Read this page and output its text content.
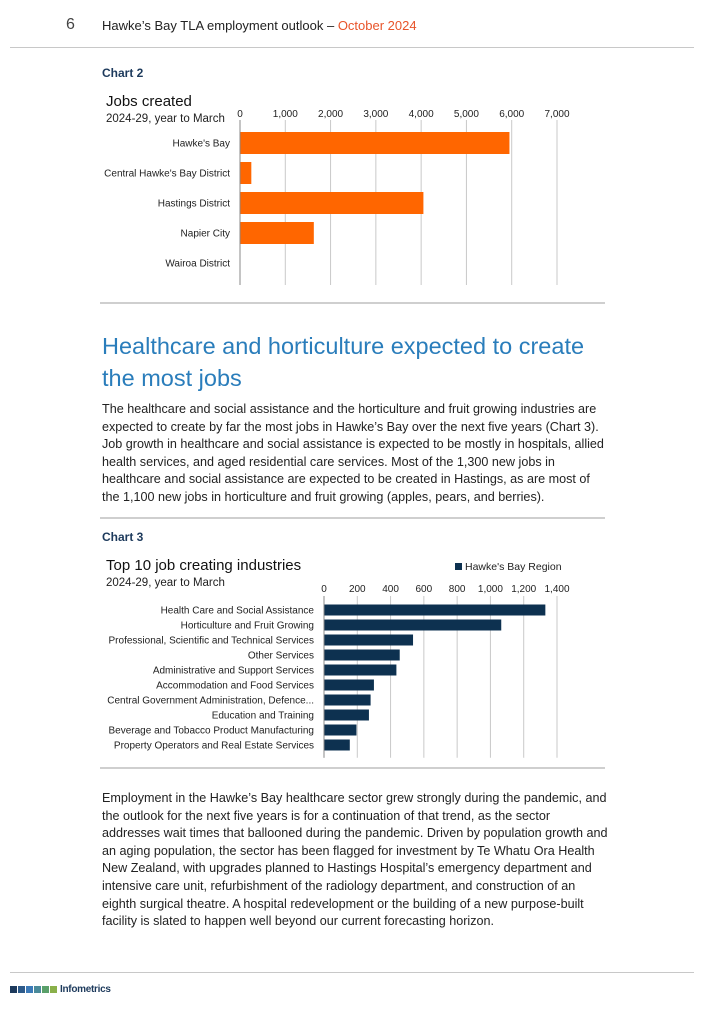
6 Hawke’s Bay TLA employment outlook – October 2024
Chart 2
Jobs created
2024-29, year to March 0	1,000 2,000 3,000 4,000 5,000 6,000 7,000
Hawke's Bay
Central Hawke's Bay District
Hastings District
Napier City
Wairoa District
Healthcare and horticulture expected to create the most jobs

The healthcare and social assistance and the horticulture and fruit growing industries are expected to create by far the most jobs in Hawke’s Bay over the next five years (Chart 3). Job growth in healthcare and social assistance is expected to be mostly in hospitals, allied health services, and aged residential care services. Most of the 1,300 new jobs in healthcare and social assistance are expected to be created in Hastings, as are most of the 1,100 new jobs in horticulture and fruit growing (apples, pears, and berries).

Chart 3
Top 10 job creating industries
2024-29, year to March
0 200 400 600 800 1,000 1,200 1,400
Health Care and Social Assistance
Horticulture and Fruit Growing
Professional, Scientific and Technical Services
Other Services
Administrative and Support Services
Accommodation and Food Services
Central Government Administration, Defence...
Education and Training
Beverage and Tobacco Product Manufacturing
Property Operators and Real Estate Services
Hawke's Bay Region

Employment in the Hawke’s Bay healthcare sector grew strongly during the pandemic, and the outlook for the next five years is for a continuation of that trend, as the sector addresses wait times that ballooned during the pandemic. Driven by population growth and an aging population, the sector has been flagged for investment by Te Whatu Ora Health New Zealand, with upgrades planned to Hastings Hospital’s emergency department and intensive care unit, refurbishment of the radiology department, and construction of an eighth surgical theatre. A hospital redevelopment or the building of a new purpose-built facility is slated to happen well beyond our current forecasting horizon.

Infometrics
